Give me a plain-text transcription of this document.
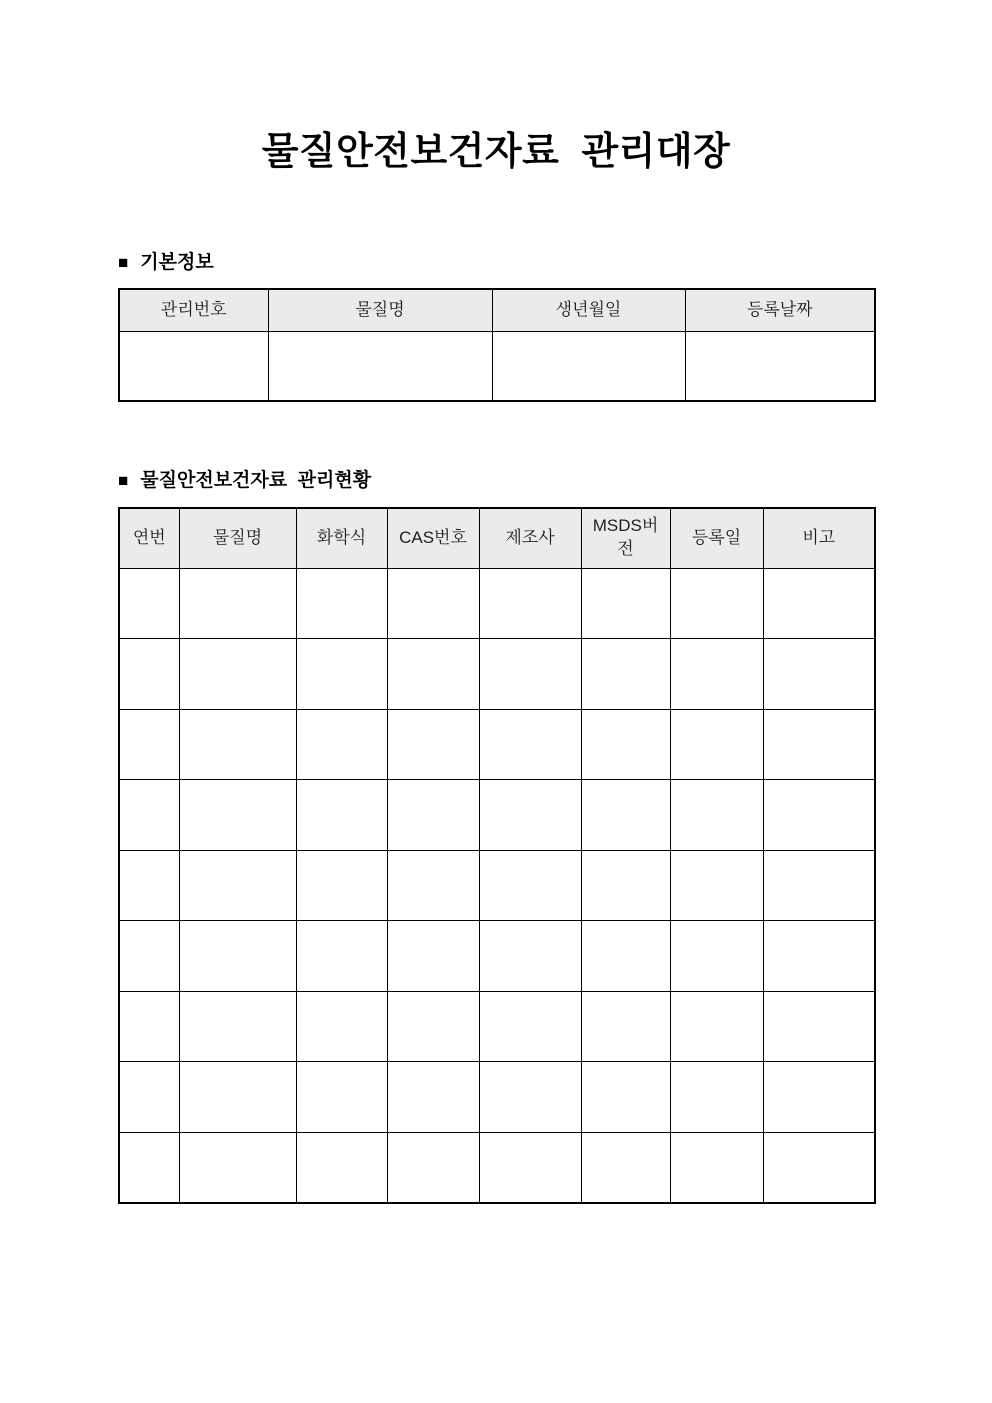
물질안전보건자료  관리대장
■ 기본정보
관리번호	물질명	생년월일	등록날짜

■ 물질안전보건자료  관리현황
연번	물질명	화학식	CAS번호	제조사	MSDS버전	등록일	비고
